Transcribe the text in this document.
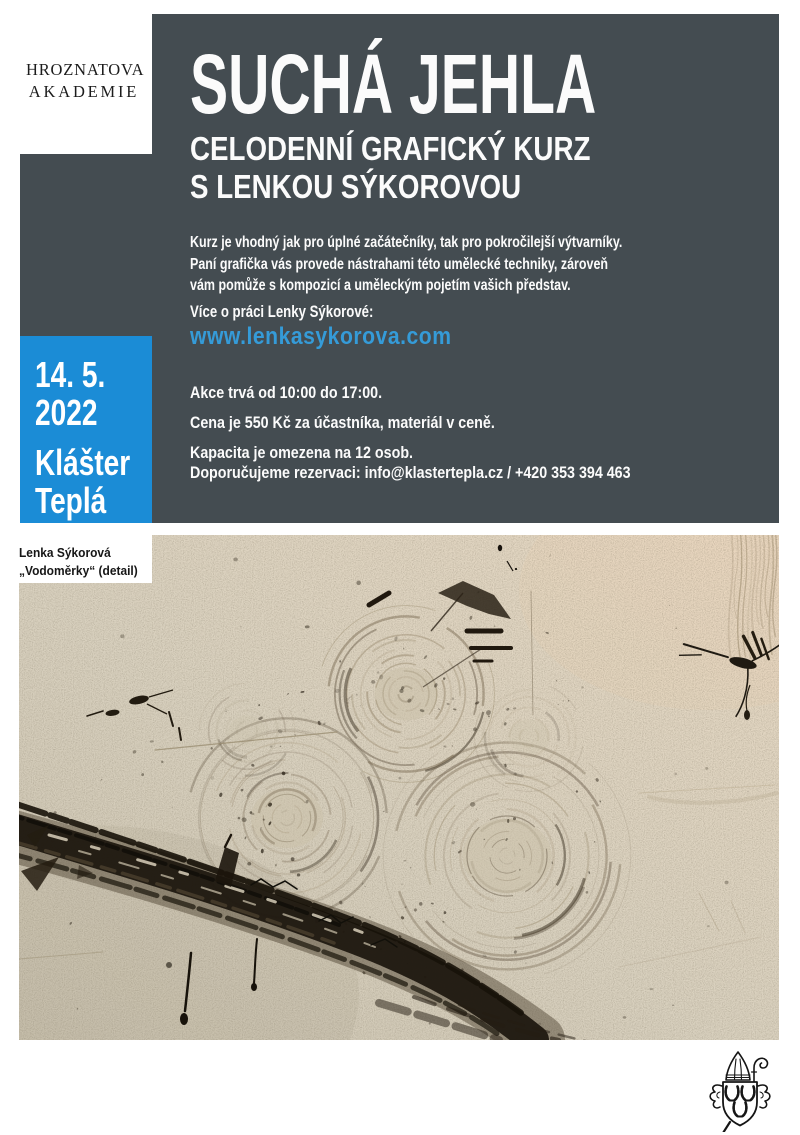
HROZNATOVA
AKADEMIE SUCHÁ JEHLA
CELODENNÍ GRAFICKÝ KURZ
S LENKOU SÝKOROVOU
Kurz je vhodný jak pro úplné začátečníky, tak pro pokročilejší výtvarníky.
Paní grafička vás provede nástrahami této umělecké techniky, zároveň
vám pomůže s kompozicí a uměleckým pojetím vašich představ.
Více o práci Lenky Sýkorové:
www.lenkasykorova.com
Akce trvá od 10:00 do 17:00.
Cena je 550 Kč za účastníka, materiál v ceně.
Kapacita je omezena na 12 osob.
Doporučujeme rezervaci: info@klastertepla.cz / +420 353 394 463
14. 5.
2022
Klášter
Teplá
Lenka Sýkorová
„Vodoměrky“ (detail)
